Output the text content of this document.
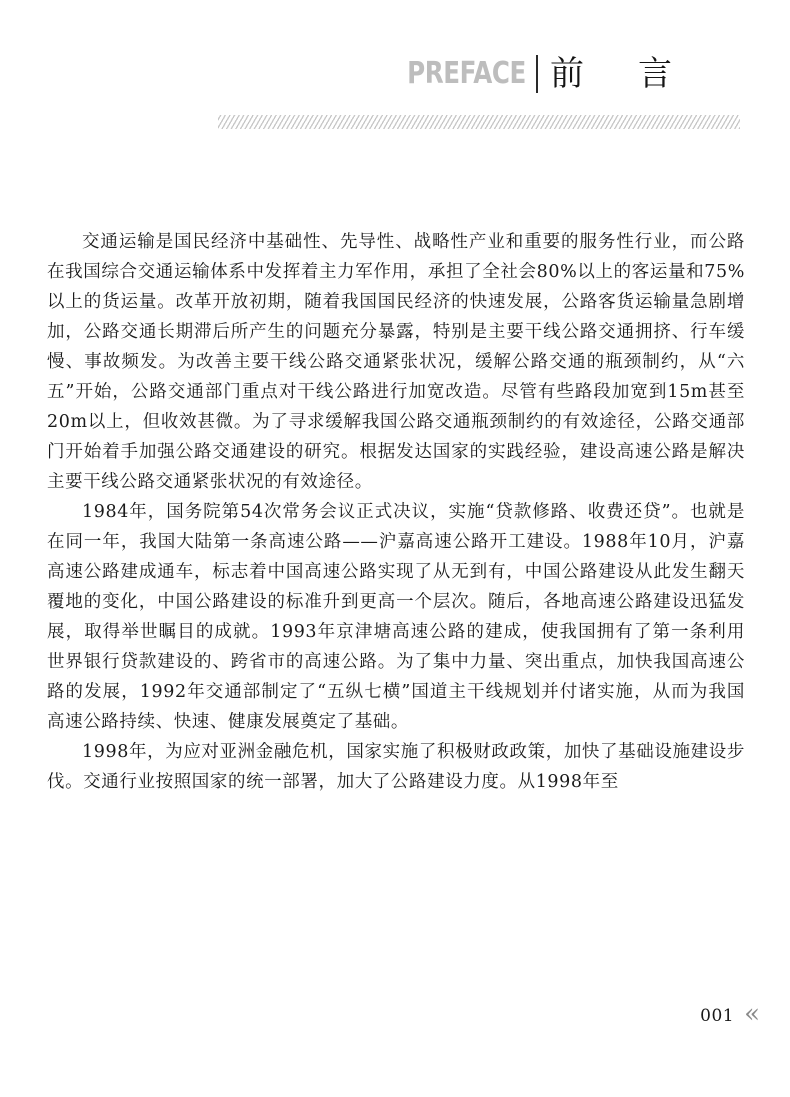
PREFACE 前言

交通运输是国民经济中基础性、先导性、战略性产业和重要的服务性行业，而公路在我国综合交通运输体系中发挥着主力军作用，承担了全社会80%以上的客运量和75%以上的货运量。改革开放初期，随着我国国民经济的快速发展，公路客货运输量急剧增加，公路交通长期滞后所产生的问题充分暴露，特别是主要干线公路交通拥挤、行车缓慢、事故频发。为改善主要干线公路交通紧张状况，缓解公路交通的瓶颈制约，从“六五”开始，公路交通部门重点对干线公路进行加宽改造。尽管有些路段加宽到15m甚至20m以上，但收效甚微。为了寻求缓解我国公路交通瓶颈制约的有效途径，公路交通部门开始着手加强公路交通建设的研究。根据发达国家的实践经验，建设高速公路是解决主要干线公路交通紧张状况的有效途径。

1984年，国务院第54次常务会议正式决议，实施“贷款修路、收费还贷”。也就是在同一年，我国大陆第一条高速公路——沪嘉高速公路开工建设。1988年10月，沪嘉高速公路建成通车，标志着中国高速公路实现了从无到有，中国公路建设从此发生翻天覆地的变化，中国公路建设的标准升到更高一个层次。随后，各地高速公路建设迅猛发展，取得举世瞩目的成就。1993年京津塘高速公路的建成，使我国拥有了第一条利用世界银行贷款建设的、跨省市的高速公路。为了集中力量、突出重点，加快我国高速公路的发展，1992年交通部制定了“五纵七横”国道主干线规划并付诸实施，从而为我国高速公路持续、快速、健康发展奠定了基础。

1998年，为应对亚洲金融危机，国家实施了积极财政政策，加快了基础设施建设步伐。交通行业按照国家的统一部署，加大了公路建设力度。从1998年至

001 «
